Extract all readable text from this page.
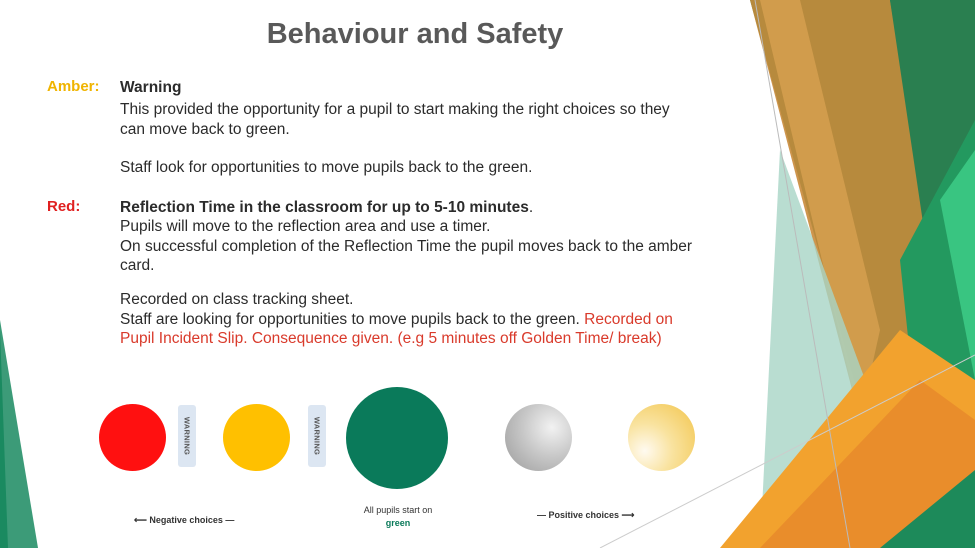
Behaviour and Safety
Amber: Warning
This provided the opportunity for a pupil to start making the right choices so they
can move back to green.
Staff look for opportunities to move pupils back to the green.
Red:	Reflection Time in the classroom for up to 5-10 minutes.
Pupils will move to the reflection area and use a timer.
On successful completion of the Reflection Time the pupil moves back to the amber
card.
Recorded on class tracking sheet.
Staff are looking for opportunities to move pupils back to the green. Recorded on
Pupil Incident Slip. Consequence given. (e.g 5 minutes off Golden Time/ break)
WARNING	WARNING
All pupils start on
green
⟵ Negative choices —	— Positive choices ⟶
